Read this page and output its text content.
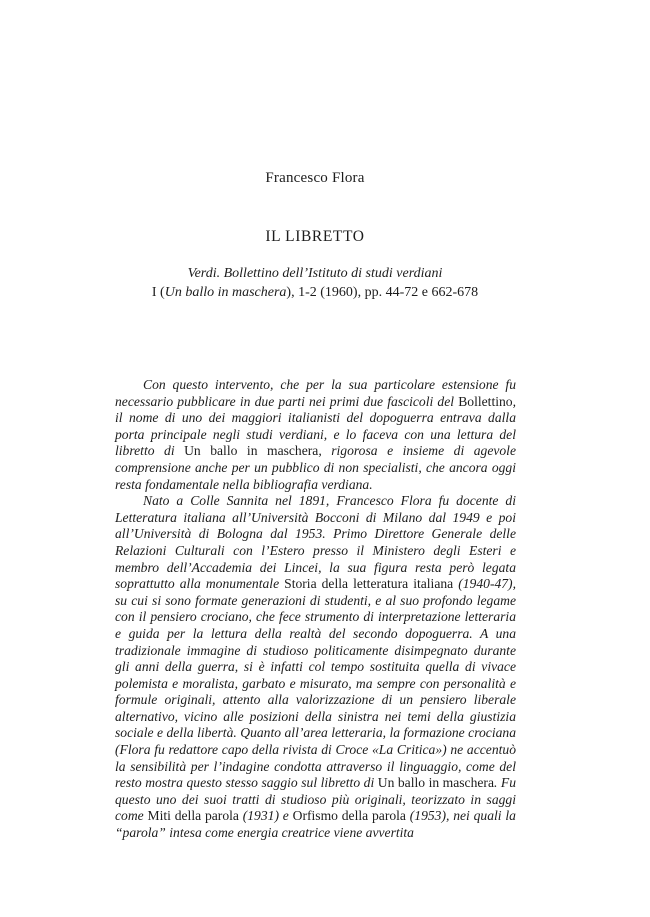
Francesco Flora
IL LIBRETTO
Verdi. Bollettino dell’Istituto di studi verdiani
I (Un ballo in maschera), 1-2 (1960), pp. 44-72 e 662-678

Con questo intervento, che per la sua particolare estensione fu necessario pubblicare in due parti nei primi due fascicoli del Bollettino, il nome di uno dei maggiori italianisti del dopoguerra entrava dalla porta principale negli studi verdiani, e lo faceva con una lettura del libretto di Un ballo in maschera, rigorosa e insieme di agevole comprensione anche per un pubblico di non specialisti, che ancora oggi resta fondamentale nella bibliografia verdiana.

Nato a Colle Sannita nel 1891, Francesco Flora fu docente di Letteratura italiana all’Università Bocconi di Milano dal 1949 e poi all’Università di Bologna dal 1953. Primo Direttore Generale delle Relazioni Culturali con l’Estero presso il Ministero degli Esteri e membro dell’Accademia dei Lincei, la sua figura resta però legata soprattutto alla monumentale Storia della letteratura italiana (1940-47), su cui si sono formate generazioni di studenti, e al suo profondo legame con il pensiero crociano, che fece strumento di interpretazione letteraria e guida per la lettura della realtà del secondo dopoguerra. A una tradizionale immagine di studioso politicamente disimpegnato durante gli anni della guerra, si è infatti col tempo sostituita quella di vivace polemista e moralista, garbato e misurato, ma sempre con personalità e formule originali, attento alla valorizzazione di un pensiero liberale alternativo, vicino alle posizioni della sinistra nei temi della giustizia sociale e della libertà. Quanto all’area letteraria, la formazione crociana (Flora fu redattore capo della rivista di Croce «La Critica») ne accentuò la sensibilità per l’indagine condotta attraverso il linguaggio, come del resto mostra questo stesso saggio sul libretto di Un ballo in maschera. Fu questo uno dei suoi tratti di studioso più originali, teorizzato in saggi come Miti della parola (1931) e Orfismo della parola (1953), nei quali la “parola” intesa come energia creatrice viene avvertita
